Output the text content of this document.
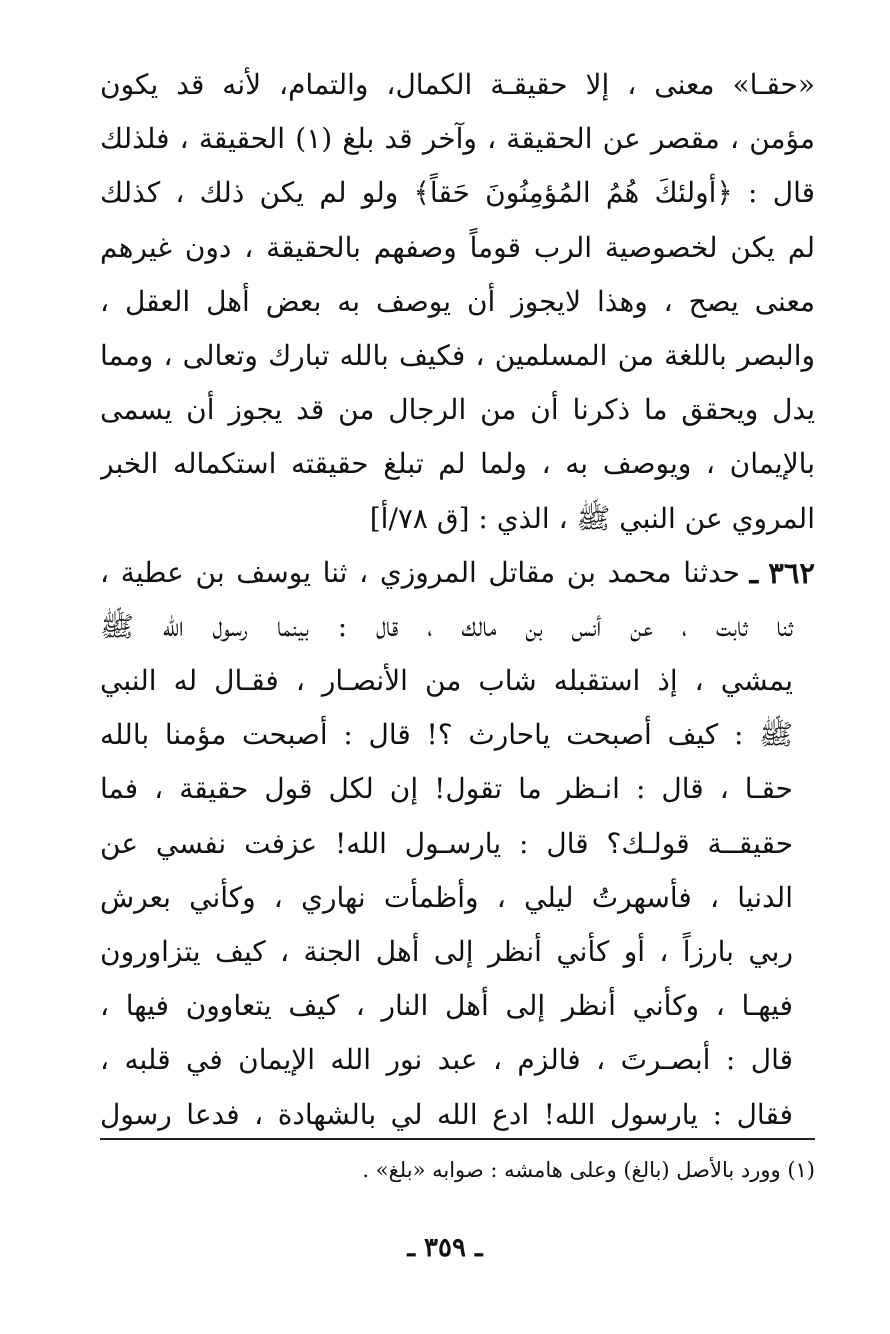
«حقـا» معنى ، إلا حقيقـة الكمال، والتمام، لأنه قد يكون
مؤمن ، مقصر عن الحقيقة ، وآخر قد بلغ (١) الحقيقة ، فلذلك
قال : ﴿أولئكَ هُمُ المُؤمِنُونَ حَقاً﴾ ولو لم يكن ذلك ، كذلك
لم يكن لخصوصية الرب قوماً وصفهم بالحقيقة ، دون غيرهم
معنى يصح ، وهذا لايجوز أن يوصف به بعض أهل العقل ،
والبصر باللغة من المسلمين ، فكيف بالله تبارك وتعالى ، ومما
يدل ويحقق ما ذكرنا أن من الرجال من قد يجوز أن يسمى
بالإيمان ، ويوصف به ، ولما لم تبلغ حقيقته استكماله الخبر
المروي عن النبي ﷺ ، الذي : [ق ٧٨/أ]
٣٦٢ ـ
حدثنا محمد بن مقاتل المروزي ، ثنا يوسف بن عطية ،
ثنا ثابت ، عن أنس بن مالك ، قال : بينما رسول الله ﷺ
يمشي ، إذ استقبله شاب من الأنصـار ، فقـال له النبي
ﷺ : كيف أصبحت ياحارث ؟! قال : أصبحت مؤمنا بالله
حقـا ، قال : انـظر ما تقول! إن لكل قول حقيقة ، فما
حقيقــة قولـك؟ قال : يارسـول الله! عزفت نفسي عن
الدنيا ، فأسهرتُ ليلي ، وأظمأت نهاري ، وكأني بعرش
ربي بارزاً ، أو كأني أنظر إلى أهل الجنة ، كيف يتزاورون
فيهـا ، وكأني أنظر إلى أهل النار ، كيف يتعاوون فيها ،
قال : أبصـرتَ ، فالزم ، عبد نور الله الإيمان في قلبه ،
فقال : يارسول الله! ادع الله لي بالشهادة ، فدعا رسول
(١) وورد بالأصل (بالغ) وعلى هامشه : صوابه «بلغ» .
ـ ٣٥٩ ـ
